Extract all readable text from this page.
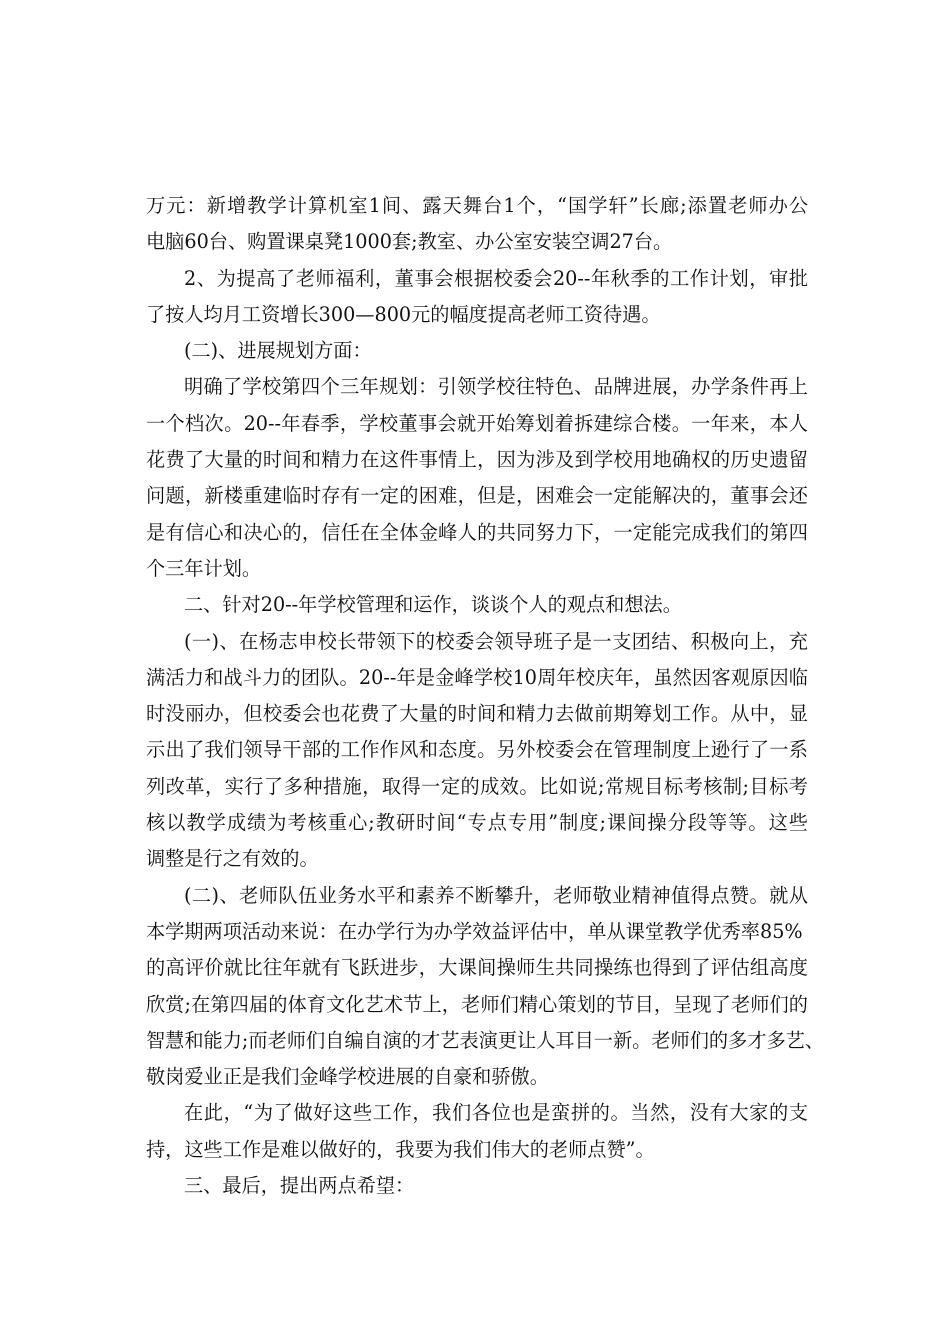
万元：新增教学计算机室1间、露天舞台1个，“国学轩”长廊;添置老师办公
电脑60台、购置课桌凳1000套;教室、办公室安装空调27台。
2、为提高了老师福利，董事会根据校委会20--年秋季的工作计划，审批
了按人均月工资增长300—800元的幅度提高老师工资待遇。
(二)、进展规划方面：
明确了学校第四个三年规划：引领学校往特色、品牌进展，办学条件再上
一个档次。20--年春季，学校董事会就开始筹划着拆建综合楼。一年来，本人
花费了大量的时间和精力在这件事情上，因为涉及到学校用地确权的历史遗留
问题，新楼重建临时存有一定的困难，但是，困难会一定能解决的，董事会还
是有信心和决心的，信任在全体金峰人的共同努力下，一定能完成我们的第四
个三年计划。
二、针对20--年学校管理和运作，谈谈个人的观点和想法。
(一)、在杨志申校长带领下的校委会领导班子是一支团结、积极向上，充
满活力和战斗力的团队。20--年是金峰学校10周年校庆年，虽然因客观原因临
时没丽办，但校委会也花费了大量的时间和精力去做前期筹划工作。从中，显
示出了我们领导干部的工作作风和态度。另外校委会在管理制度上逊行了一系
列改革，实行了多种措施，取得一定的成效。比如说;常规目标考核制;目标考
核以教学成绩为考核重心;教研时间“专点专用”制度;课间操分段等等。这些
调整是行之有效的。
(二)、老师队伍业务水平和素养不断攀升，老师敬业精神值得点赞。就从
本学期两项活动来说：在办学行为办学效益评估中，单从课堂教学优秀率85%
的高评价就比往年就有飞跃进步，大课间操师生共同操练也得到了评估组高度
欣赏;在第四届的体育文化艺术节上，老师们精心策划的节目，呈现了老师们的
智慧和能力;而老师们自编自演的才艺表演更让人耳目一新。老师们的多才多艺、
敬岗爱业正是我们金峰学校进展的自豪和骄傲。
在此，“为了做好这些工作，我们各位也是蛮拼的。当然，没有大家的支
持，这些工作是难以做好的，我要为我们伟大的老师点赞”。
三、最后，提出两点希望：
